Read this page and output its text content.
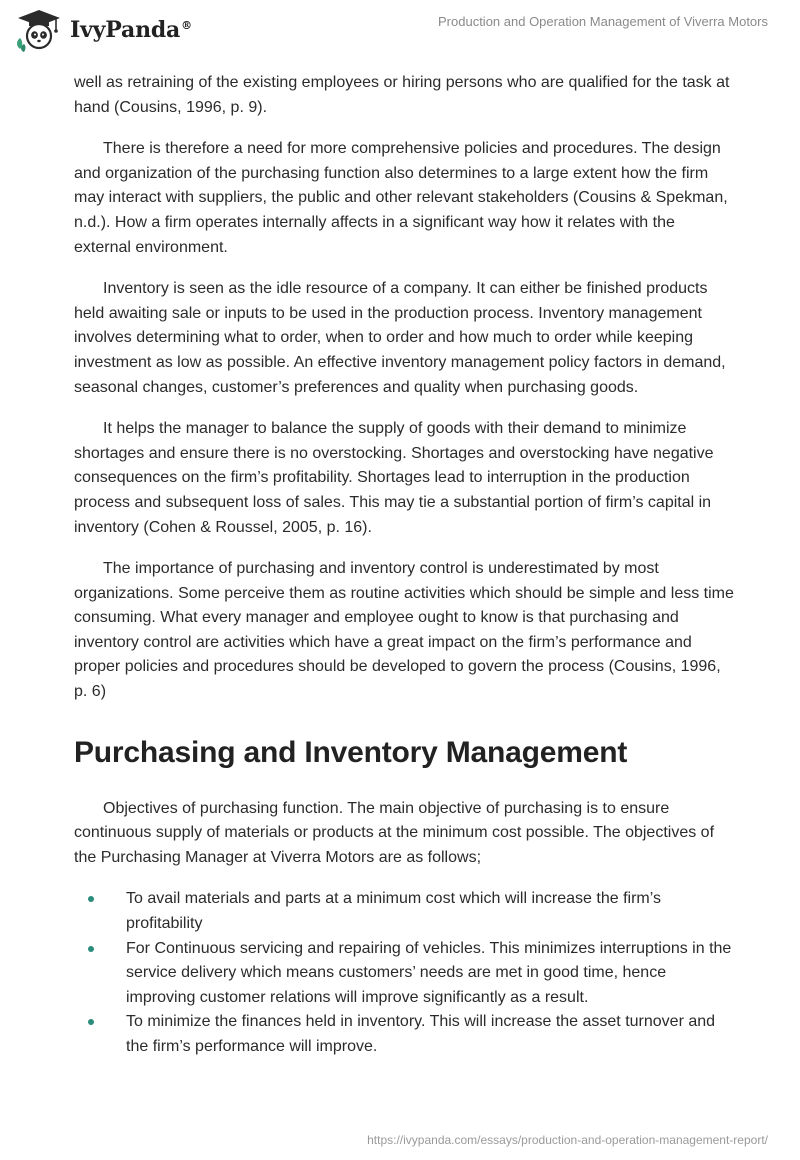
IvyPanda®	Production and Operation Management of Viverra Motors

well as retraining of the existing employees or hiring persons who are qualified for the task at hand (Cousins, 1996, p. 9).

There is therefore a need for more comprehensive policies and procedures. The design and organization of the purchasing function also determines to a large extent how the firm may interact with suppliers, the public and other relevant stakeholders (Cousins & Spekman, n.d.). How a firm operates internally affects in a significant way how it relates with the external environment.

Inventory is seen as the idle resource of a company. It can either be finished products held awaiting sale or inputs to be used in the production process. Inventory management involves determining what to order, when to order and how much to order while keeping investment as low as possible. An effective inventory management policy factors in demand, seasonal changes, customer’s preferences and quality when purchasing goods.

It helps the manager to balance the supply of goods with their demand to minimize shortages and ensure there is no overstocking. Shortages and overstocking have negative consequences on the firm’s profitability. Shortages lead to interruption in the production process and subsequent loss of sales. This may tie a substantial portion of firm’s capital in inventory (Cohen & Roussel, 2005, p. 16).

The importance of purchasing and inventory control is underestimated by most organizations. Some perceive them as routine activities which should be simple and less time consuming. What every manager and employee ought to know is that purchasing and inventory control are activities which have a great impact on the firm’s performance and proper policies and procedures should be developed to govern the process (Cousins, 1996, p. 6)

Purchasing and Inventory Management

Objectives of purchasing function. The main objective of purchasing is to ensure continuous supply of materials or products at the minimum cost possible. The objectives of the Purchasing Manager at Viverra Motors are as follows;

To avail materials and parts at a minimum cost which will increase the firm’s profitability
For Continuous servicing and repairing of vehicles. This minimizes interruptions in the service delivery which means customers’ needs are met in good time, hence improving customer relations will improve significantly as a result.
To minimize the finances held in inventory. This will increase the asset turnover and the firm’s performance will improve.
https://ivypanda.com/essays/production-and-operation-management-report/
